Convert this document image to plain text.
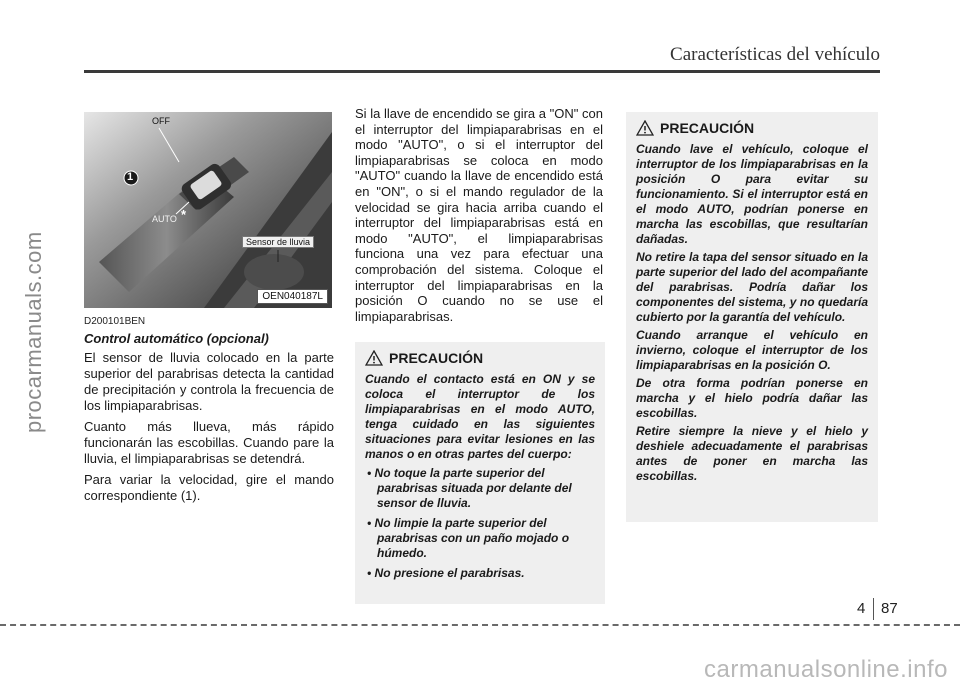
Características del vehículo
procarmanuals.com
OFF
1
AUTO *
Sensor de lluvia
OEN040187L
D200101BEN
Control automático (opcional)

El sensor de lluvia colocado en la parte superior del parabrisas detecta la cantidad de precipitación y controla la frecuencia de los limpiaparabrisas.

Cuanto más llueva, más rápido funcionarán las escobillas. Cuando pare la lluvia, el limpiaparabrisas se detendrá.

Para variar la velocidad, gire el mando correspondiente (1).

Si la llave de encendido se gira a "ON" con el interruptor del limpiaparabrisas en el modo "AUTO", o si el interruptor del limpiaparabrisas se coloca en modo "AUTO" cuando la llave de encendido está en "ON", o si el mando regulador de la velocidad se gira hacia arriba cuando el interruptor del limpiaparabrisas está en modo "AUTO", el limpiaparabrisas funciona una vez para efectuar una comprobación del sistema. Coloque el interruptor del limpiaparabrisas en la posición O cuando no se use el limpiaparabrisas.

PRECAUCIÓN

Cuando el contacto está en ON y se coloca el interruptor de los limpiaparabrisas en el modo AUTO, tenga cuidado en las siguientes situaciones para evitar lesiones en las manos o en otras partes del cuerpo:

• No toque la parte superior del parabrisas situada por delante del sensor de lluvia.
• No limpie la parte superior del parabrisas con un paño mojado o húmedo.
• No presione el parabrisas.
PRECAUCIÓN

Cuando lave el vehículo, coloque el interruptor de los limpiaparabrisas en la posición O para evitar su funcionamiento. Si el interruptor está en el modo AUTO, podrían ponerse en marcha las escobillas, que resultarían dañadas.

No retire la tapa del sensor situado en la parte superior del lado del acompañante del parabrisas. Podría dañar los componentes del sistema, y no quedaría cubierto por la garantía del vehículo.

Cuando arranque el vehículo en invierno, coloque el interruptor de los limpiaparabrisas en la posición O.

De otra forma podrían ponerse en marcha y el hielo podría dañar las escobillas.

Retire siempre la nieve y el hielo y deshiele adecuadamente el parabrisas antes de poner en marcha las escobillas.

4 87
carmanualsonline.info
